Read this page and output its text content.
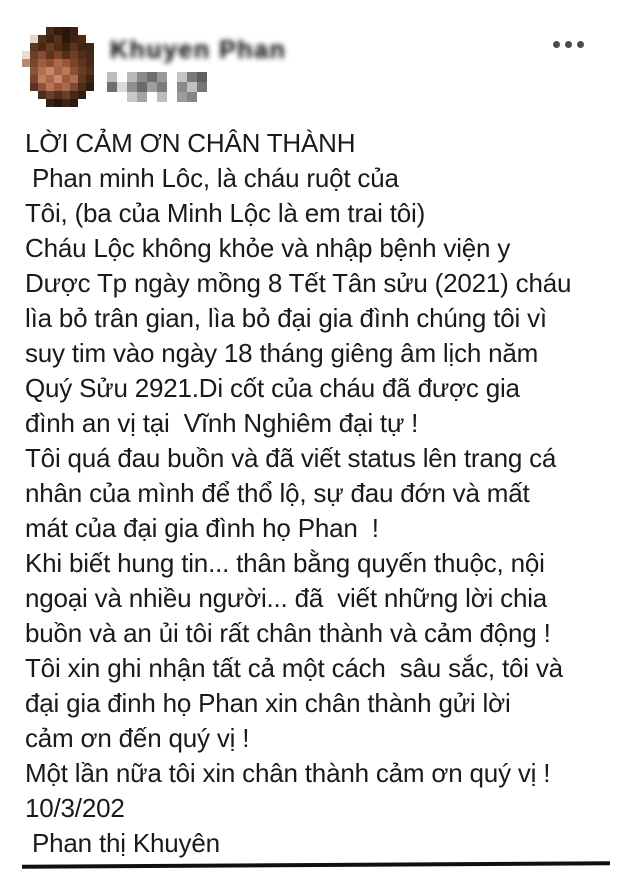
Khuyen Phan
LỜI CẢM ƠN CHÂN THÀNH
Phan minh Lôc, là cháu ruột của
Tôi, (ba của Minh Lộc là em trai tôi)
Cháu Lộc không khỏe và nhập bệnh viện y
Dược Tp ngày mồng 8 Tết Tân sửu (2021) cháu
lìa bỏ trân gian, lìa bỏ đại gia đình chúng tôi vì
suy tim vào ngày 18 tháng giêng âm lịch năm
Quý Sửu 2921.Di cốt của cháu đã được gia
đình an vị tại  Vĩnh Nghiêm đại tự !
Tôi quá đau buồn và đã viết status lên trang cá
nhân của mình để thổ lộ, sự đau đớn và mất
mát của đại gia đình họ Phan  !
Khi biết hung tin... thân bằng quyến thuộc, nội
ngoại và nhiều người... đã  viết những lời chia
buồn và an ủi tôi rất chân thành và cảm động !
Tôi xin ghi nhận tất cả một cách  sâu sắc, tôi và
đại gia đinh họ Phan xin chân thành gửi lời
cảm ơn đến quý vị !
Một lần nữa tôi xin chân thành cảm ơn quý vị !
10/3/202
Phan thị Khuyên
